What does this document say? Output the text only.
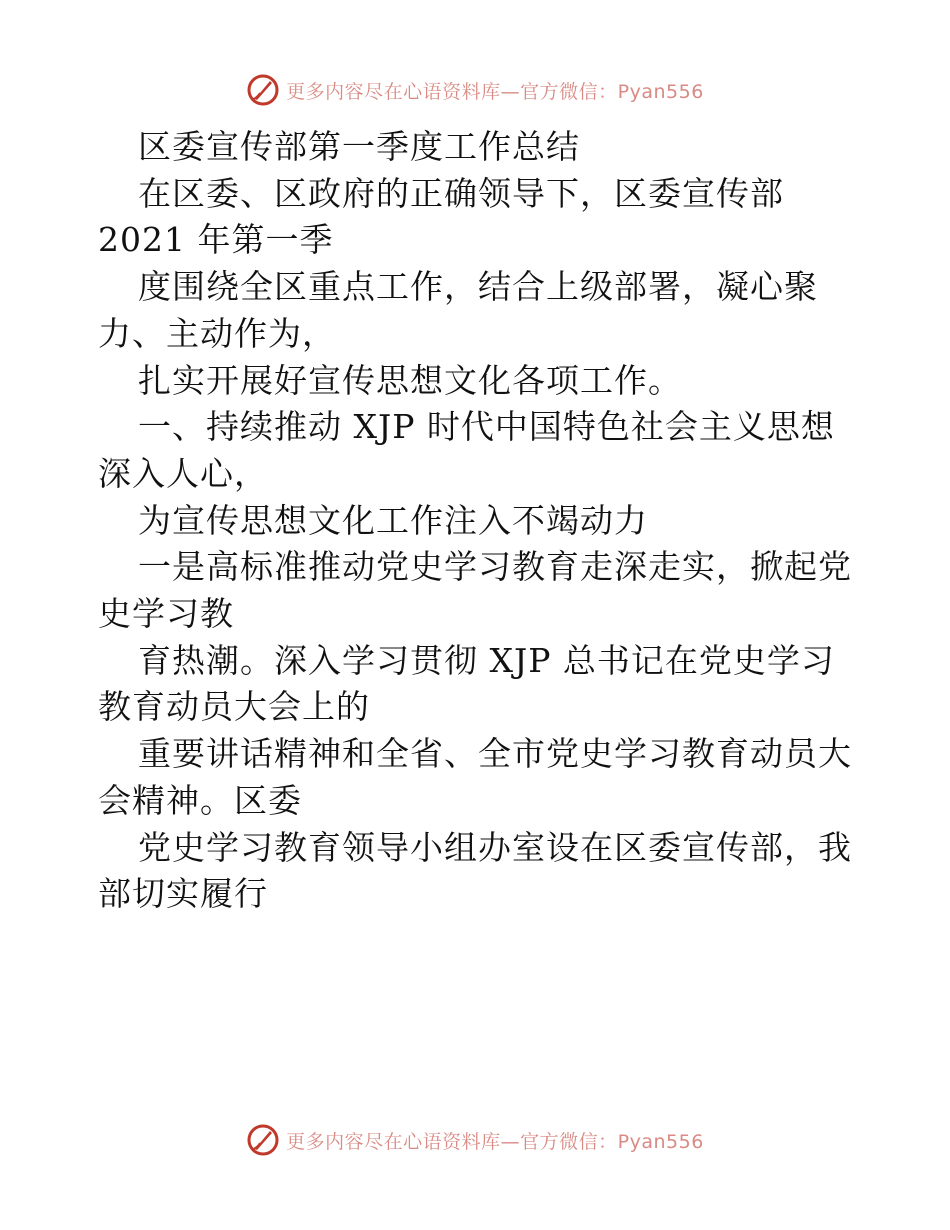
更多内容尽在心语资料库—官方微信：Pyan556
区委宣传部第一季度工作总结
在区委、区政府的正确领导下，区委宣传部
2021 年第一季
度围绕全区重点工作，结合上级部署，凝心聚
力、主动作为，
扎实开展好宣传思想文化各项工作。
一、持续推动 XJP 时代中国特色社会主义思想
深入人心，
为宣传思想文化工作注入不竭动力
一是高标准推动党史学习教育走深走实，掀起党
史学习教
育热潮。深入学习贯彻 XJP 总书记在党史学习
教育动员大会上的
重要讲话精神和全省、全市党史学习教育动员大
会精神。区委
党史学习教育领导小组办室设在区委宣传部，我
部切实履行
更多内容尽在心语资料库—官方微信：Pyan556
